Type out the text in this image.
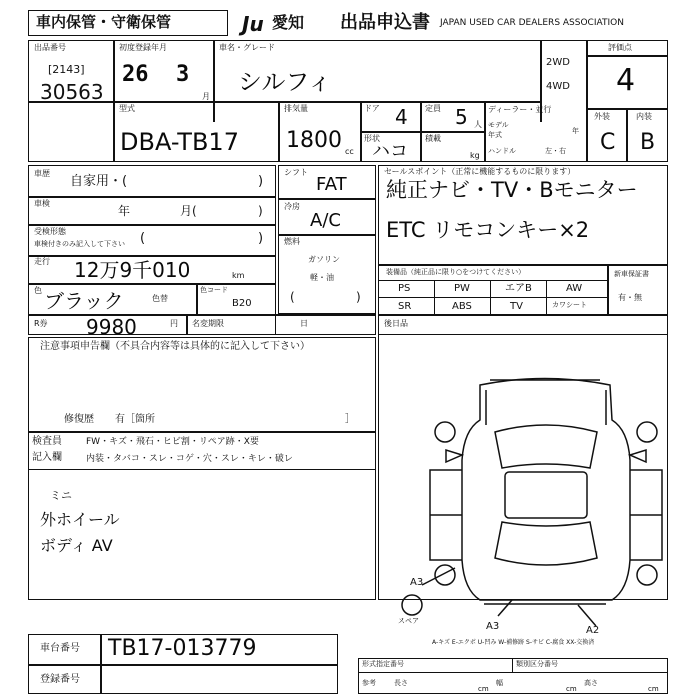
車内保管・守衛保管	Ju 愛知 出品申込書 JAPAN USED CAR DEALERS ASSOCIATION
出品番号
[2143]
30563
初度登録年月
26 3
月
車名・グレード
シルフィ
2WD
4WD
評価点
4
外装	内装
C B
型式
DBA-TB17
排気量
1800 cc
ドア 4 定員 5 人
形状
ハコ
積載
kg
ディーラー・並行
モデル
年式	年
ハンドル	左・右
車歴
自家用・(	)
車検
年	月(	)
受検形態
車検付きのみ記入して下さい (	)
走行 12万9千010	km
色 ブラック	色替
色コード
B20
R券 9980	円 名変期限	日
シフト
FAT
冷房
A/C
燃料
ガソリン
軽・油
(	)
セールスポイント（正常に機能するものに限ります）
純正ナビ・TV・Bモニター
ETC リモコンキー×2
装備品（純正品に限り○をつけてください）
PS	PW	エアB	AW
SR	ABS	TV	カワシート
新車保証書
有・無
後日品
注意事項申告欄（不具合内容等は具体的に記入して下さい）
修復歴 有［箇所	］
検査員
記入欄
FW・キズ・飛石・ヒビ割・リペア跡・X要
内装・タバコ・スレ・コゲ・穴・スレ・キレ・破レ
ミニ
外ホイール
ボディ AV
A3
A3	A2
スペア
A-キズ E-エクボ U-凹み W-補修跡 S-サビ C-腐食 XX-交換済
車台番号 TB17-013779
登録番号
形式指定番号	類別区分番号
参考	長さ
cm
幅
cm
高さ
cm
